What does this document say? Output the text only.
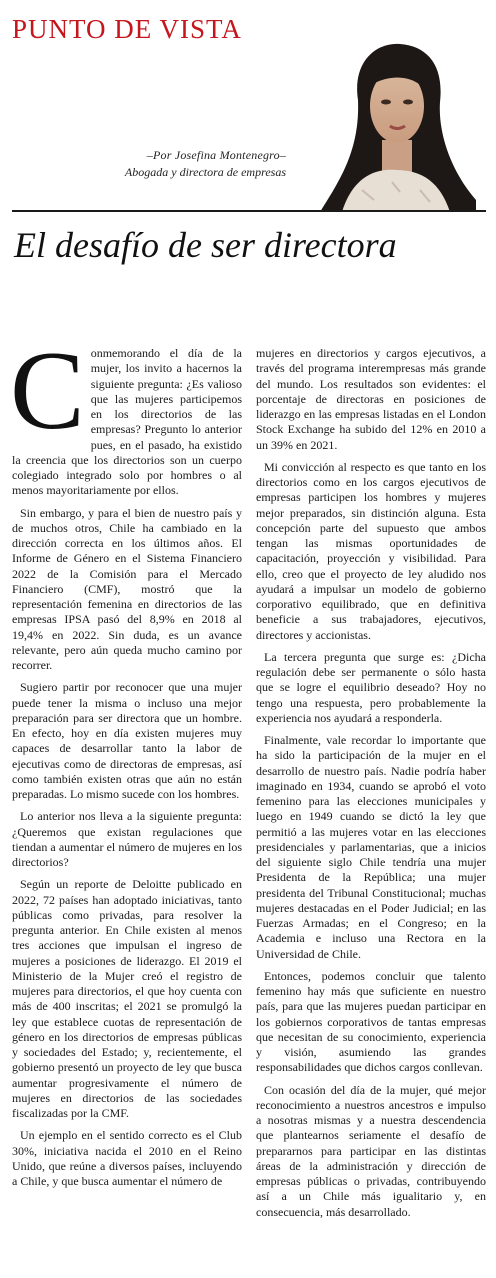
PUNTO DE VISTA
–Por Josefina Montenegro–
Abogada y directora de empresas
El desafío de ser directora

Conmemorando el día de la mujer, los invito a hacernos la siguiente pregunta: ¿Es valioso que las mujeres participemos en los directorios de las empresas? Pregunto lo anterior pues, en el pasado, ha existido la creencia que los directorios son un cuerpo colegiado integrado solo por hombres o al menos mayoritariamente por ellos.

Sin embargo, y para el bien de nuestro país y de muchos otros, Chile ha cambiado en la dirección correcta en los últimos años. El Informe de Género en el Sistema Financiero 2022 de la Comisión para el Mercado Financiero (CMF), mostró que la representación femenina en directorios de las empresas IPSA pasó del 8,9% en 2018 al 19,4% en 2022. Sin duda, es un avance relevante, pero aún queda mucho camino por recorrer.

Sugiero partir por reconocer que una mujer puede tener la misma o incluso una mejor preparación para ser directora que un hombre. En efecto, hoy en día existen mujeres muy capaces de desarrollar tanto la labor de ejecutivas como de directoras de empresas, así como también existen otras que aún no están preparadas. Lo mismo sucede con los hombres.

Lo anterior nos lleva a la siguiente pregunta: ¿Queremos que existan regulaciones que tiendan a aumentar el número de mujeres en los directorios?

Según un reporte de Deloitte publicado en 2022, 72 países han adoptado iniciativas, tanto públicas como privadas, para resolver la pregunta anterior. En Chile existen al menos tres acciones que impulsan el ingreso de mujeres a posiciones de liderazgo. El 2019 el Ministerio de la Mujer creó el registro de mujeres para directorios, el que hoy cuenta con más de 400 inscritas; el 2021 se promulgó la ley que establece cuotas de representación de género en los directorios de empresas públicas y sociedades del Estado; y, recientemente, el gobierno presentó un proyecto de ley que busca aumentar progresivamente el número de mujeres en directorios de las sociedades fiscalizadas por la CMF.

Un ejemplo en el sentido correcto es el Club 30%, iniciativa nacida el 2010 en el Reino Unido, que reúne a diversos países, incluyendo a Chile, y que busca aumentar el número de

mujeres en directorios y cargos ejecutivos, a través del programa interempresas más grande del mundo. Los resultados son evidentes: el porcentaje de directoras en posiciones de liderazgo en las empresas listadas en el London Stock Exchange ha subido del 12% en 2010 a un 39% en 2021.

Mi convicción al respecto es que tanto en los directorios como en los cargos ejecutivos de empresas participen los hombres y mujeres mejor preparados, sin distinción alguna. Esta concepción parte del supuesto que ambos tengan las mismas oportunidades de capacitación, proyección y visibilidad. Para ello, creo que el proyecto de ley aludido nos ayudará a impulsar un modelo de gobierno corporativo equilibrado, que en definitiva beneficie a sus trabajadores, ejecutivos, directores y accionistas.

La tercera pregunta que surge es: ¿Dicha regulación debe ser permanente o sólo hasta que se logre el equilibrio deseado? Hoy no tengo una respuesta, pero probablemente la experiencia nos ayudará a responderla.

Finalmente, vale recordar lo importante que ha sido la participación de la mujer en el desarrollo de nuestro país. Nadie podría haber imaginado en 1934, cuando se aprobó el voto femenino para las elecciones municipales y luego en 1949 cuando se dictó la ley que permitió a las mujeres votar en las elecciones presidenciales y parlamentarias, que a inicios del siguiente siglo Chile tendría una mujer Presidenta de la República; una mujer presidenta del Tribunal Constitucional; muchas mujeres destacadas en el Poder Judicial; en las Fuerzas Armadas; en el Congreso; en la Academia e incluso una Rectora en la Universidad de Chile.

Entonces, podemos concluir que talento femenino hay más que suficiente en nuestro país, para que las mujeres puedan participar en los gobiernos corporativos de tantas empresas que necesitan de su conocimiento, experiencia y visión, asumiendo las grandes responsabilidades que dichos cargos conllevan.

Con ocasión del día de la mujer, qué mejor reconocimiento a nuestros ancestros e impulso a nosotras mismas y a nuestra descendencia que plantearnos seriamente el desafío de prepararnos para participar en las distintas áreas de la administración y dirección de empresas públicas o privadas, contribuyendo así a un Chile más igualitario y, en consecuencia, más desarrollado.
